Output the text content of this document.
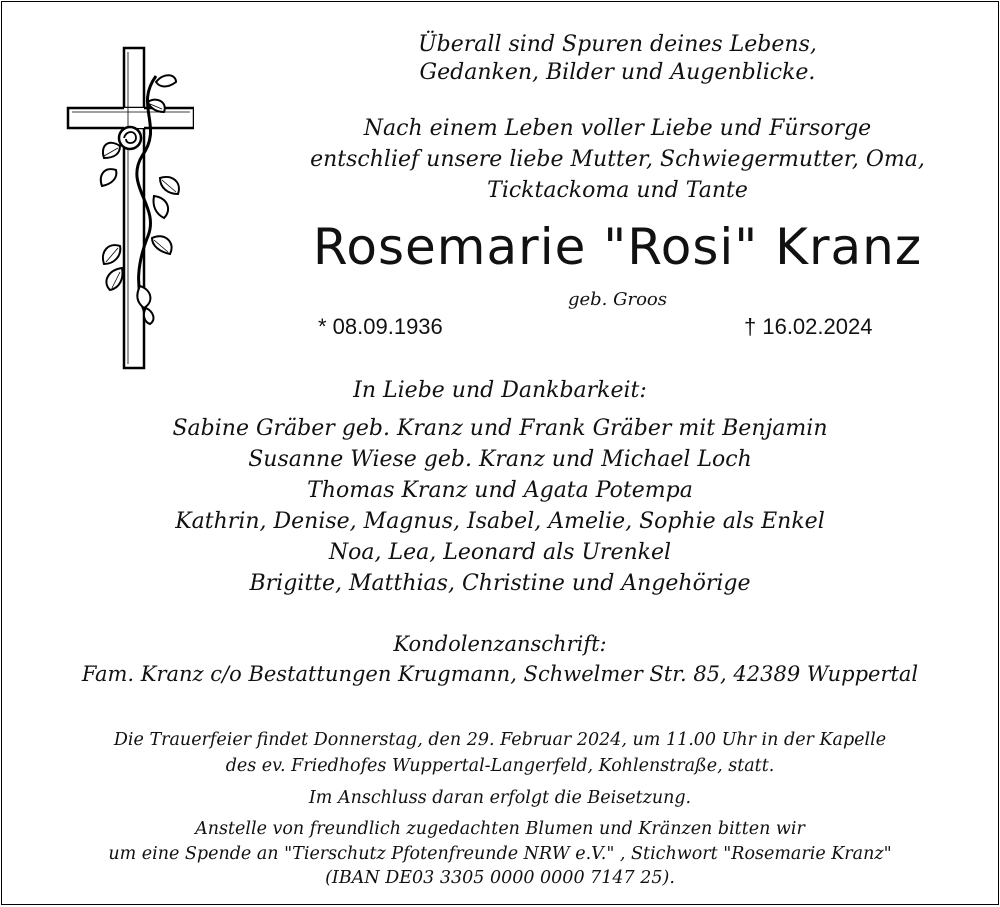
Überall sind Spuren deines Lebens,
Gedanken, Bilder und Augenblicke.
Nach einem Leben voller Liebe und Fürsorge
entschlief unsere liebe Mutter, Schwiegermutter, Oma,
Ticktackoma und Tante
Rosemarie "Rosi" Kranz
geb. Groos
* 08.09.1936	† 16.02.2024
In Liebe und Dankbarkeit:
Sabine Gräber geb. Kranz und Frank Gräber mit Benjamin
Susanne Wiese geb. Kranz und Michael Loch
Thomas Kranz und Agata Potempa
Kathrin, Denise, Magnus, Isabel, Amelie, Sophie als Enkel
Noa, Lea, Leonard als Urenkel
Brigitte, Matthias, Christine und Angehörige
Kondolenzanschrift:
Fam. Kranz c/o Bestattungen Krugmann, Schwelmer Str. 85, 42389 Wuppertal
Die Trauerfeier findet Donnerstag, den 29. Februar 2024, um 11.00 Uhr in der Kapelle
des ev. Friedhofes Wuppertal-Langerfeld, Kohlenstraße, statt.
Im Anschluss daran erfolgt die Beisetzung.
Anstelle von freundlich zugedachten Blumen und Kränzen bitten wir
um eine Spende an "Tierschutz Pfotenfreunde NRW e.V." , Stichwort "Rosemarie Kranz"
(IBAN DE03 3305 0000 0000 7147 25).
